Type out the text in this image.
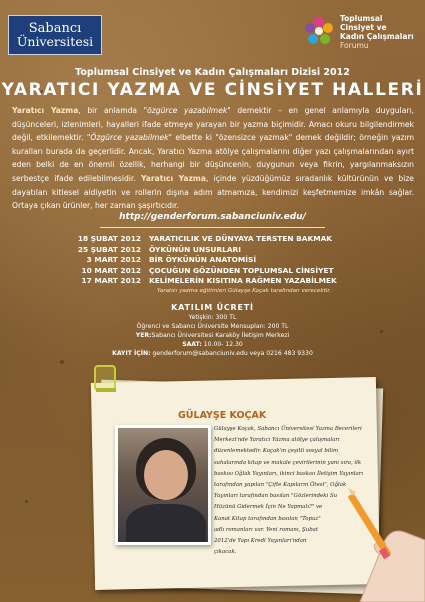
Sabancı
Üniversitesi
Toplumsal
Cinsiyet ve
Kadın Çalışmaları
Forumu
Toplumsal Cinsiyet ve Kadın Çalışmaları Dizisi 2012
YARATICI YAZMA VE CİNSİYET HALLERİ
Yaratıcı Yazma, bir anlamda "özgürce yazabilmek" demektir – en genel anlamıyla duyguları, düşünceleri, izlenimleri, hayalleri ifade etmeye yarayan bir yazma biçimidir. Amacı okuru bilgilendirmek değil, etkilemektir. "Özgürce yazabilmek" elbette ki "özensizce yazmak" demek değildir; örneğin yazım kuralları burada da geçerlidir. Ancak, Yaratıcı Yazma atölye çalışmalarını diğer yazı çalışmalarından ayırt eden belki de en önemli özellik, herhangi bir düşüncenin, duygunun veya fikrin, yargılanmaksızın serbestçe ifade edilebilmesidir. Yaratıcı Yazma, içinde yüzdüğümüz sıradanlık kültürünün ve bize dayatılan kitlesel aidiyetin ve rollerin dışına adım atmamıza, kendimizi keşfetmemize imkân sağlar. Ortaya çıkan ürünler, her zaman şaşırtıcıdır.
http://genderforum.sabanciuniv.edu/
18 ŞUBAT 2012	YARATICILIK VE DÜNYAYA TERSTEN BAKMAK
25 ŞUBAT 2012	ÖYKÜNÜN UNSURLARI
3 MART 2012	BİR ÖYKÜNÜN ANATOMİSİ
10 MART 2012	ÇOCUĞUN GÖZÜNDEN TOPLUMSAL CİNSİYET
17 MART 2012	KELİMELERİN KISITINA RAĞMEN YAZABİLMEK
Yaratıcı yazma eğitimleri Gülayşe Koçak tarafından verecektir.
KATILIM ÜCRETİ
Yetişkin: 300 TL
Öğrenci ve Sabancı Üniversite Mensupları: 200 TL
YER:Sabancı Üniversitesi Karaköy İletişim Merkezi
SAAT: 10.00- 12.30
KAYIT İÇİN: genderforum@sabanciuniv.edu veya 0216 483 9330
GÜLAYŞE KOÇAK
Gülayşe Koçak, Sabancı Üniversitesi Yazma Becerileri
Merkezi'nde Yaratıcı Yazma atölye çalışmaları
düzenlemektedir. Koçak'ın çeşitli sosyal bilim
sahalarında kitap ve makale çevirilerinin yanı sıra, ilk
baskısı Oğlak Yayınları, ikinci baskısı İletişim Yayınları
tarafından yapılan "Çifte Kapıların Ötesi", Oğlak
Yayınları tarafından basılan "Gözlerindeki Su
Hüzünü Gidermek İçin Ne Yapmalı?" ve
Kanat Kitap tarafından basılan "Topuz"
adlı romanları var. Yeni romanı, Şubat
2012'de Yapı Kredi Yayınları'ndan
çıkacak.
